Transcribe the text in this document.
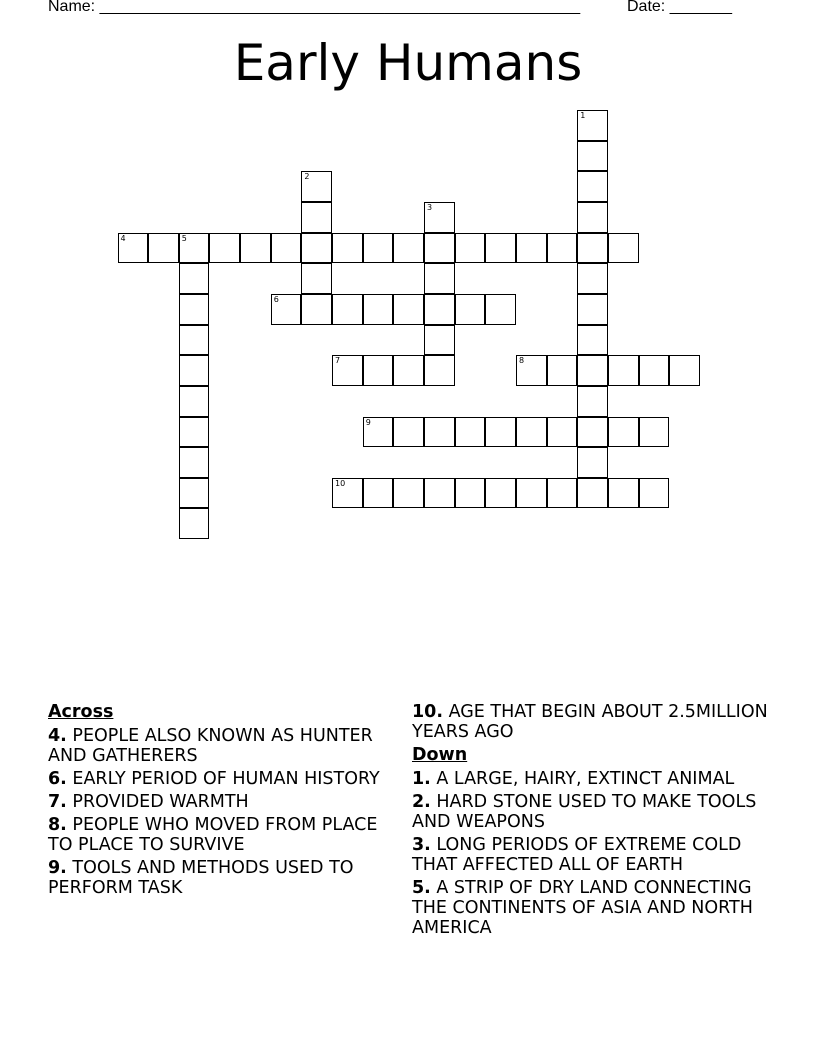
Name: ______________________________________________________	Date: _______
Early Humans
1
2
3
4	5
6
7	8
9
10
Across
4. PEOPLE ALSO KNOWN AS HUNTER AND GATHERERS
6. EARLY PERIOD OF HUMAN HISTORY
7. PROVIDED WARMTH
8. PEOPLE WHO MOVED FROM PLACE TO PLACE TO SURVIVE
9. TOOLS AND METHODS USED TO PERFORM TASK
10. AGE THAT BEGIN ABOUT 2.5MILLION YEARS AGO
Down
1. A LARGE, HAIRY, EXTINCT ANIMAL
2. HARD STONE USED TO MAKE TOOLS AND WEAPONS
3. LONG PERIODS OF EXTREME COLD THAT AFFECTED ALL OF EARTH
5. A STRIP OF DRY LAND CONNECTING THE CONTINENTS OF ASIA AND NORTH AMERICA
